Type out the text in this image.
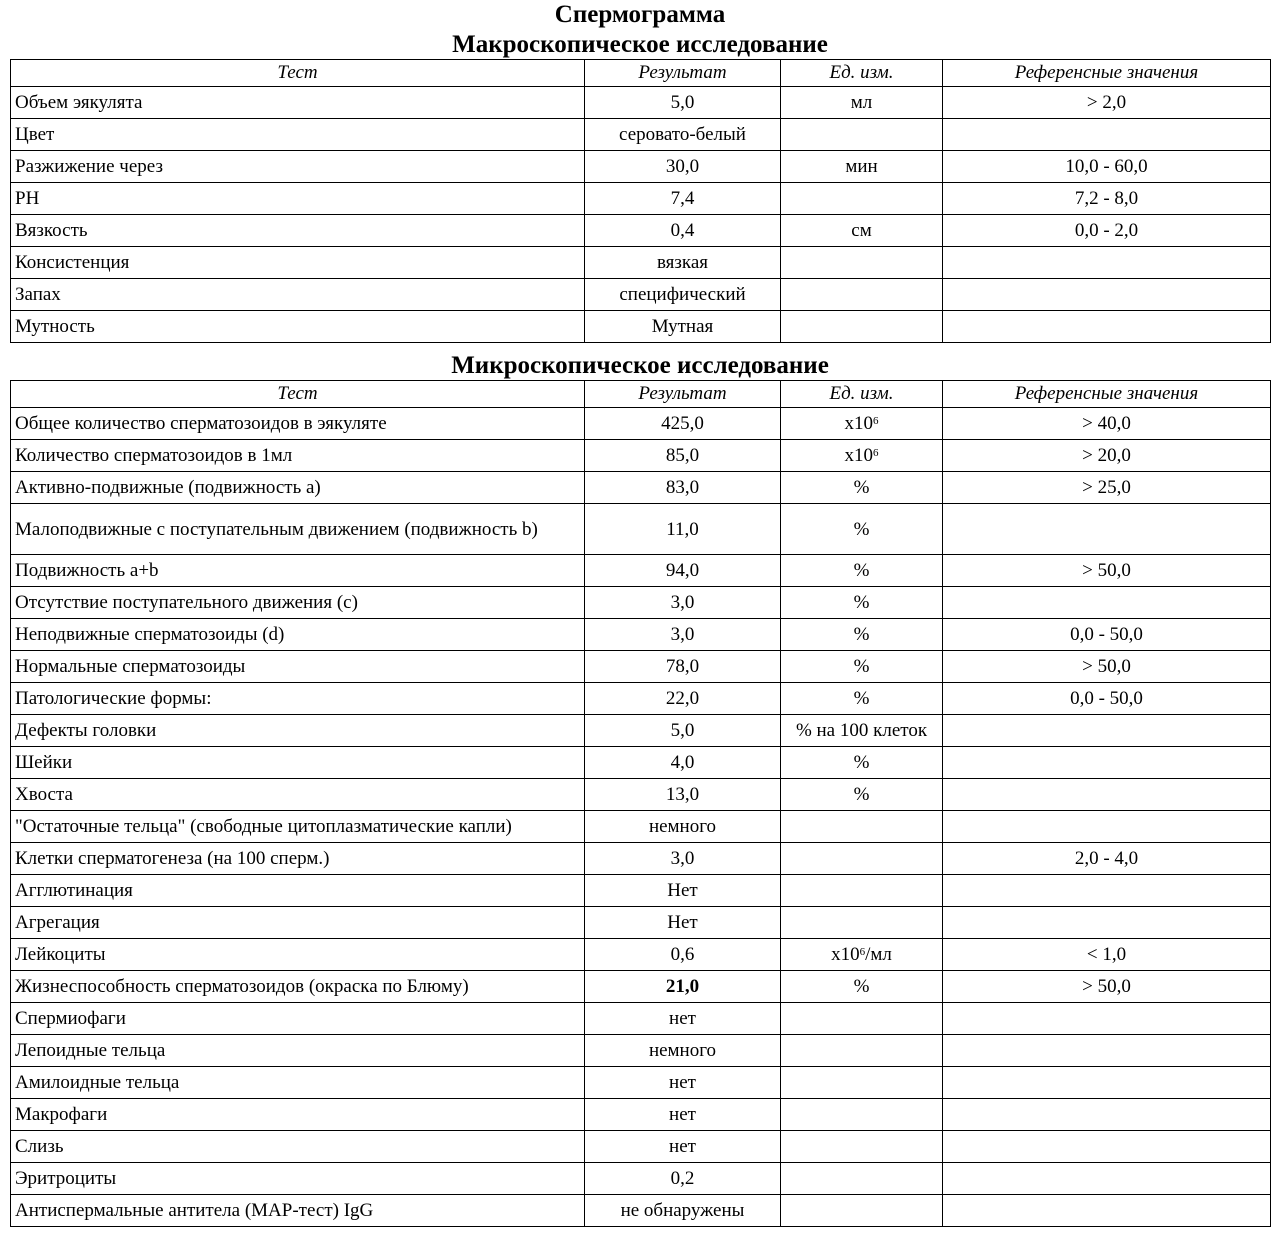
Спермограмма
Макроскопическое исследование
Тест	Результат	Ед. изм.	Референсные значения
Объем эякулята	5,0	мл	> 2,0
Цвет	серовато-белый		
Разжижение через	30,0	мин	10,0 - 60,0
PH	7,4		7,2 - 8,0
Вязкость	0,4	см	0,0 - 2,0
Консистенция	вязкая		
Запах	специфический		
Мутность	Мутная		
Микроскопическое исследование
Тест	Результат	Ед. изм.	Референсные значения
Общее количество сперматозоидов в эякуляте	425,0	$x10^6$	> 40,0
Количество сперматозоидов в 1мл	85,0	$x10^6$	> 20,0
Активно-подвижные (подвижность a)	83,0	%	> 25,0
Малоподвижные с поступательным движением (подвижность b)	11,0	%	
Подвижность a+b	94,0	%	> 50,0
Отсутствие поступательного движения (c)	3,0	%	
Неподвижные сперматозоиды (d)	3,0	%	0,0 - 50,0
Нормальные сперматозоиды	78,0	%	> 50,0
Патологические формы:	22,0	%	0,0 - 50,0
Дефекты головки	5,0	% на 100 клеток	
Шейки	4,0	%	
Хвоста	13,0	%	
"Остаточные тельца" (свободные цитоплазматические капли)	немного		
Клетки сперматогенеза (на 100 сперм.)	3,0		2,0 - 4,0
Агглютинация	Нет		
Агрегация	Нет		
Лейкоциты	0,6	$x10^6/мл$	< 1,0
Жизнеспособность сперматозоидов (окраска по Блюму)	21,0	%	> 50,0
Спермиофаги	нет		
Лепоидные тельца	немного		
Амилоидные тельца	нет		
Макрофаги	нет		
Слизь	нет		
Эритроциты	0,2		
Антиспермальные антитела (MAP-тест) IgG	не обнаружены		
